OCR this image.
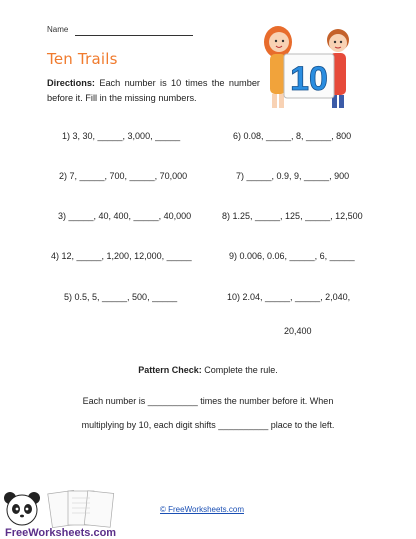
Name
Ten Trails
Directions: Each number is 10 times the number before it. Fill in the missing numbers.	10
1) 3, 30, _____, 3,000, _____	6) 0.08, _____, 8, _____, 800
2) 7, _____, 700, _____, 70,000	7) _____, 0.9, 9, _____, 900
3) _____, 40, 400, _____, 40,000	8) 1.25, _____, 125, _____, 12,500
4) 12, _____, 1,200, 12,000, _____	9) 0.006, 0.06, _____, 6, _____
5) 0.5, 5, _____, 500, _____	10) 2.04, _____, _____, 2,040,
20,400
Pattern Check: Complete the rule.
Each number is __________ times the number before it. When
multiplying by 10, each digit shifts __________ place to the left.
FreeWorksheets.com
© FreeWorksheets.com
